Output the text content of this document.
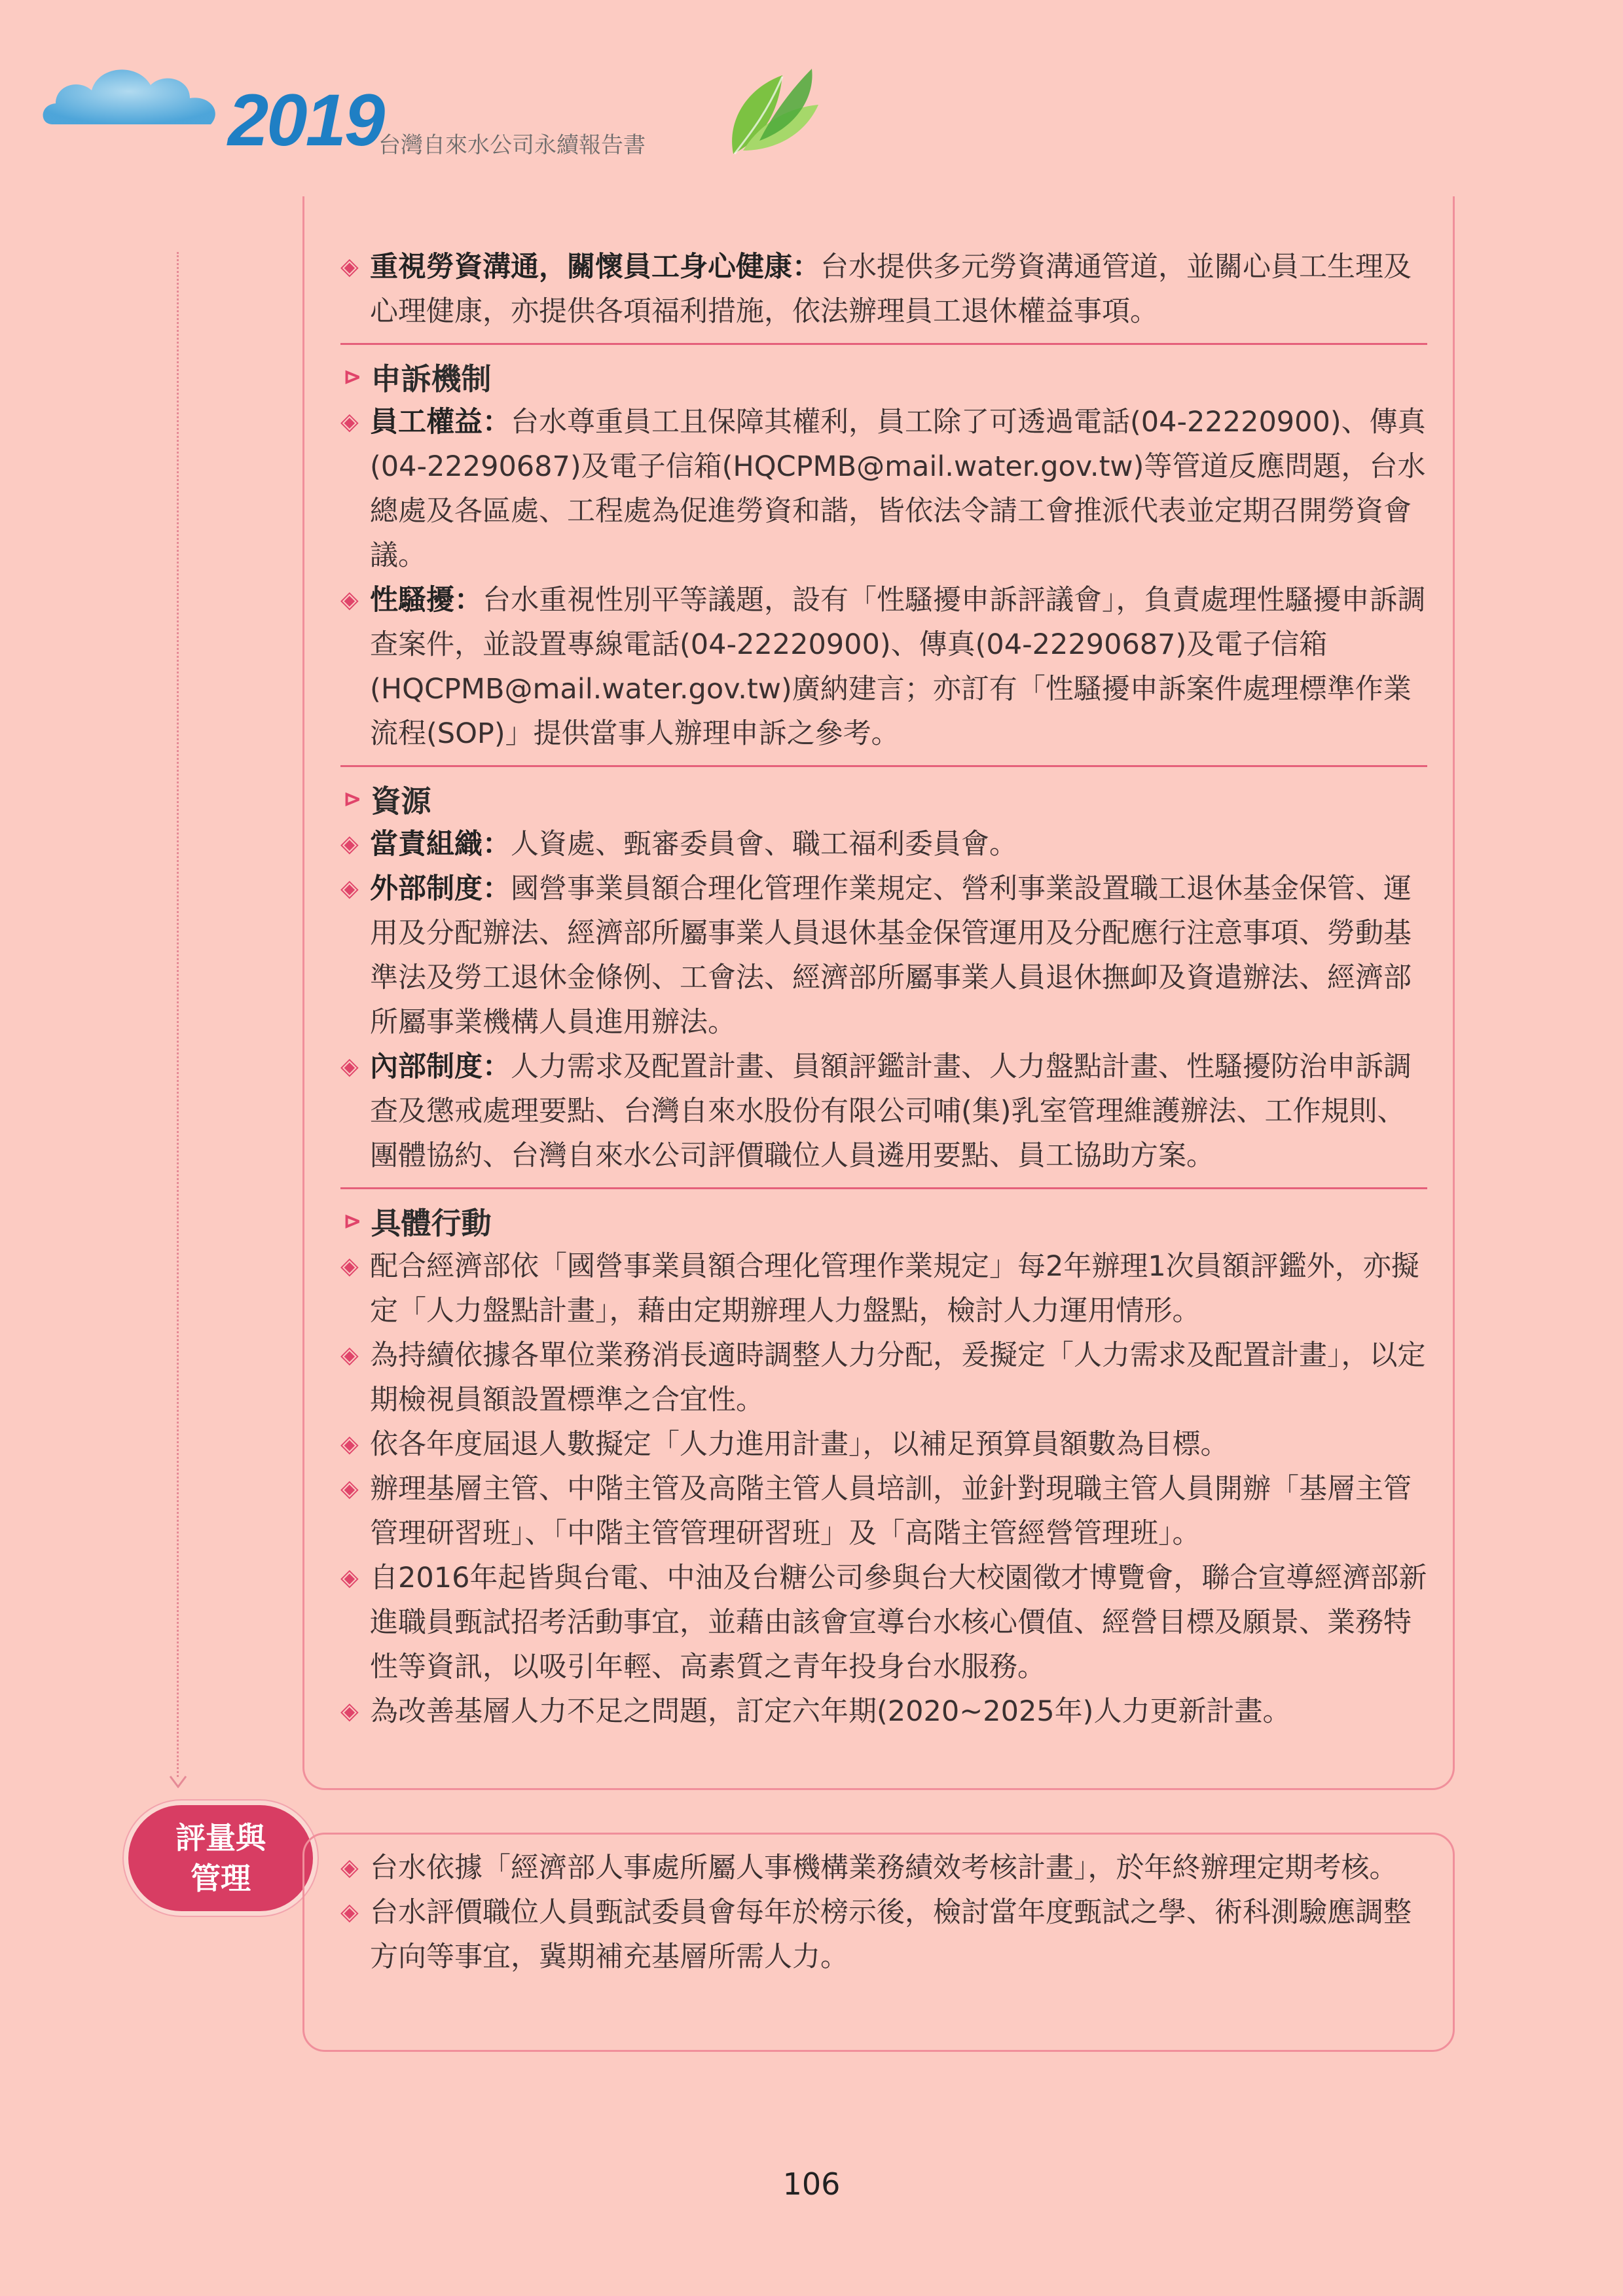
2019
台灣自來水公司永續報告書

◈ 重視勞資溝通，關懷員工身心健康：台水提供多元勞資溝通管道，並關心員工生理及心理健康，亦提供各項福利措施，依法辦理員工退休權益事項。

⊳ 申訴機制

◈ 員工權益：台水尊重員工且保障其權利，員工除了可透過電話(04-22220900)、傳真(04-22290687)及電子信箱(HQCPMB@mail.water.gov.tw)等管道反應問題，台水總處及各區處、工程處為促進勞資和諧，皆依法令請工會推派代表並定期召開勞資會議。

◈ 性騷擾：台水重視性別平等議題，設有「性騷擾申訴評議會」，負責處理性騷擾申訴調查案件，並設置專線電話(04-22220900)、傳真(04-22290687)及電子信箱(HQCPMB@mail.water.gov.tw)廣納建言；亦訂有「性騷擾申訴案件處理標準作業流程(SOP)」提供當事人辦理申訴之參考。

⊳ 資源

◈ 當責組織：人資處、甄審委員會、職工福利委員會。

◈ 外部制度：國營事業員額合理化管理作業規定、營利事業設置職工退休基金保管、運用及分配辦法、經濟部所屬事業人員退休基金保管運用及分配應行注意事項、勞動基準法及勞工退休金條例、工會法、經濟部所屬事業人員退休撫卹及資遣辦法、經濟部所屬事業機構人員進用辦法。

◈ 內部制度：人力需求及配置計畫、員額評鑑計畫、人力盤點計畫、性騷擾防治申訴調查及懲戒處理要點、台灣自來水股份有限公司哺(集)乳室管理維護辦法、工作規則、團體協約、台灣自來水公司評價職位人員遴用要點、員工協助方案。

⊳ 具體行動

◈ 配合經濟部依「國營事業員額合理化管理作業規定」每2年辦理1次員額評鑑外，亦擬定「人力盤點計畫」，藉由定期辦理人力盤點，檢討人力運用情形。

◈ 為持續依據各單位業務消長適時調整人力分配，爰擬定「人力需求及配置計畫」，以定期檢視員額設置標準之合宜性。

◈ 依各年度屆退人數擬定「人力進用計畫」，以補足預算員額數為目標。

◈ 辦理基層主管、中階主管及高階主管人員培訓，並針對現職主管人員開辦「基層主管管理研習班」、「中階主管管理研習班」及「高階主管經營管理班」。

◈ 自2016年起皆與台電、中油及台糖公司參與台大校園徵才博覽會，聯合宣導經濟部新進職員甄試招考活動事宜，並藉由該會宣導台水核心價值、經營目標及願景、業務特性等資訊，以吸引年輕、高素質之青年投身台水服務。

◈ 為改善基層人力不足之問題，訂定六年期(2020~2025年)人力更新計畫。

評量與
管理	◈ 台水依據「經濟部人事處所屬人事機構業務績效考核計畫」，於年終辦理定期考核。

◈ 台水評價職位人員甄試委員會每年於榜示後，檢討當年度甄試之學、術科測驗應調整方向等事宜，冀期補充基層所需人力。

106
